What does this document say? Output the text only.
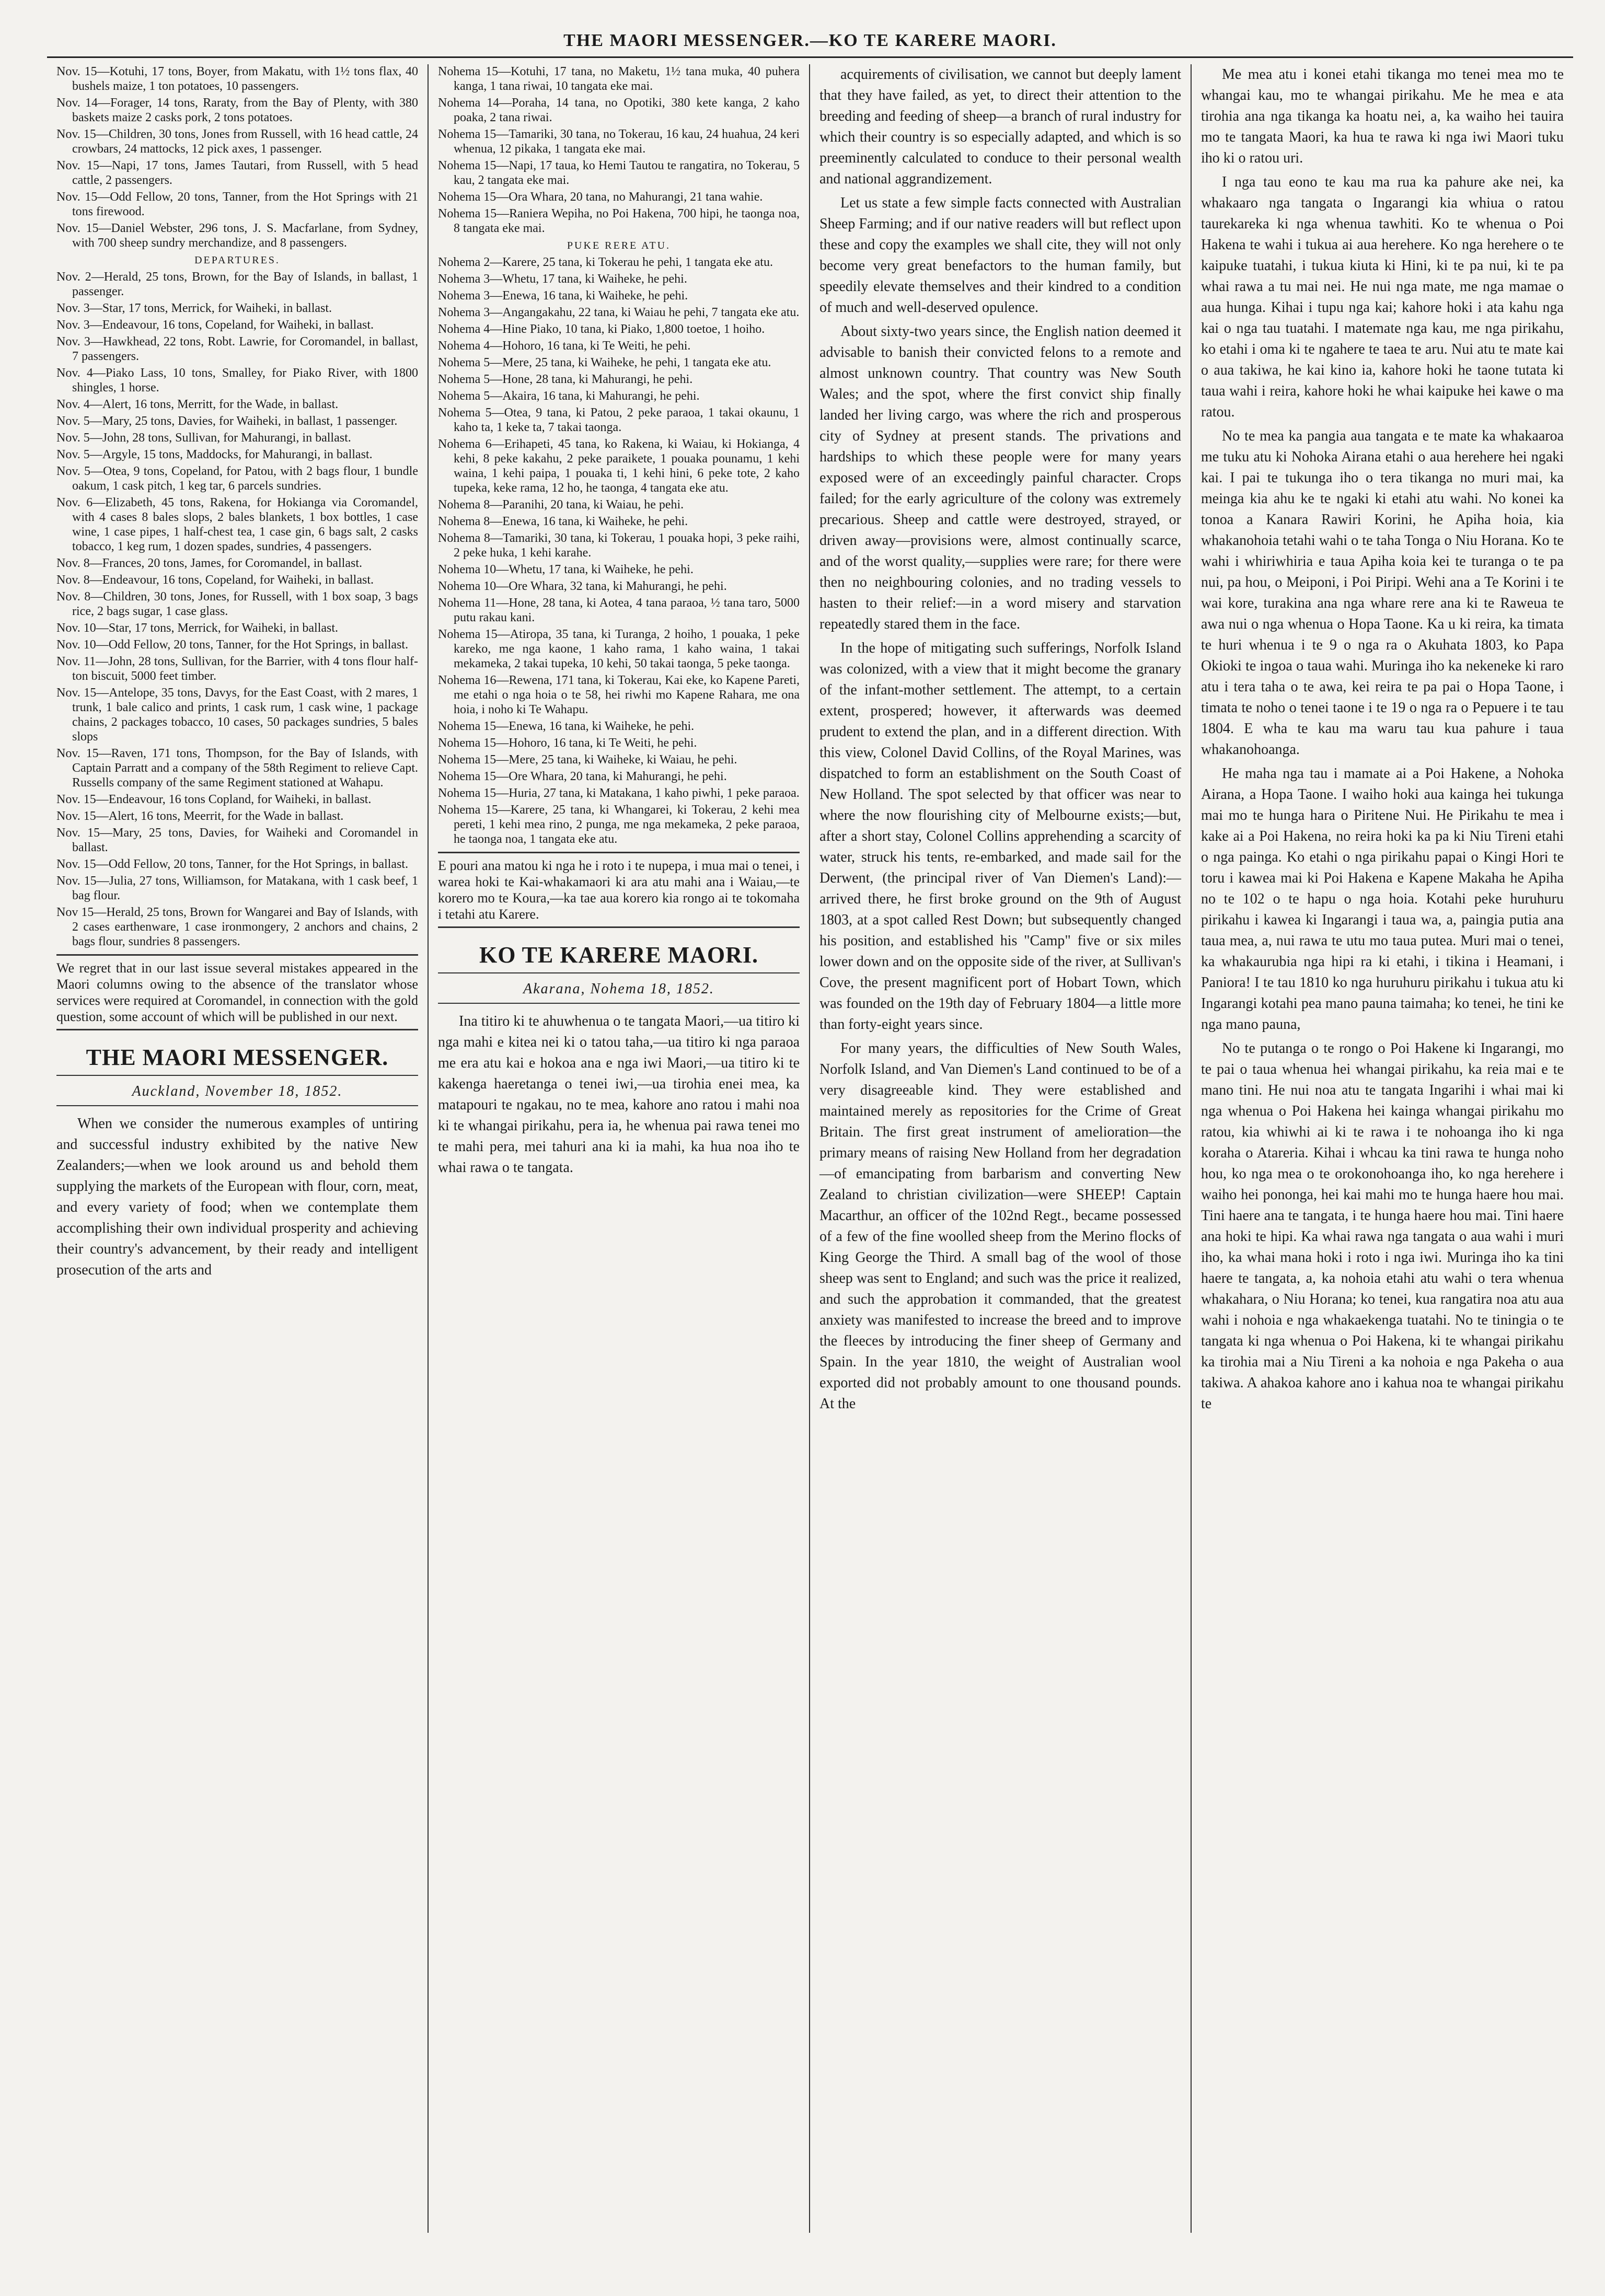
THE MAORI MESSENGER.—KO TE KARERE MAORI.

Nov. 15—Kotuhi, 17 tons, Boyer, from Makatu, with 1½ tons flax, 40 bushels maize, 1 ton potatoes, 10 passengers.

Nov. 14—Forager, 14 tons, Raraty, from the Bay of Plenty, with 380 baskets maize 2 casks pork, 2 tons potatoes.

Nov. 15—Children, 30 tons, Jones from Russell, with 16 head cattle, 24 crowbars, 24 mattocks, 12 pick axes, 1 passenger.

Nov. 15—Napi, 17 tons, James Tautari, from Russell, with 5 head cattle, 2 passengers.

Nov. 15—Odd Fellow, 20 tons, Tanner, from the Hot Springs with 21 tons firewood.

Nov. 15—Daniel Webster, 296 tons, J. S. Macfarlane, from Sydney, with 700 sheep sundry merchandize, and 8 passengers.

DEPARTURES.

Nov. 2—Herald, 25 tons, Brown, for the Bay of Islands, in ballast, 1 passenger.

Nov. 3—Star, 17 tons, Merrick, for Waiheki, in ballast.

Nov. 3—Endeavour, 16 tons, Copeland, for Waiheki, in ballast.

Nov. 3—Hawkhead, 22 tons, Robt. Lawrie, for Coromandel, in ballast, 7 passengers.

Nov. 4—Piako Lass, 10 tons, Smalley, for Piako River, with 1800 shingles, 1 horse.

Nov. 4—Alert, 16 tons, Merritt, for the Wade, in ballast.

Nov. 5—Mary, 25 tons, Davies, for Waiheki, in ballast, 1 passenger.

Nov. 5—John, 28 tons, Sullivan, for Mahurangi, in ballast.

Nov. 5—Argyle, 15 tons, Maddocks, for Mahurangi, in ballast.

Nov. 5—Otea, 9 tons, Copeland, for Patou, with 2 bags flour, 1 bundle oakum, 1 cask pitch, 1 keg tar, 6 parcels sundries.

Nov. 6—Elizabeth, 45 tons, Rakena, for Hokianga via Coromandel, with 4 cases 8 bales slops, 2 bales blankets, 1 box bottles, 1 case wine, 1 case pipes, 1 half-chest tea, 1 case gin, 6 bags salt, 2 casks tobacco, 1 keg rum, 1 dozen spades, sundries, 4 passengers.

Nov. 8—Frances, 20 tons, James, for Coromandel, in ballast.

Nov. 8—Endeavour, 16 tons, Copeland, for Waiheki, in ballast.

Nov. 8—Children, 30 tons, Jones, for Russell, with 1 box soap, 3 bags rice, 2 bags sugar, 1 case glass.

Nov. 10—Star, 17 tons, Merrick, for Waiheki, in ballast.

Nov. 10—Odd Fellow, 20 tons, Tanner, for the Hot Springs, in ballast.

Nov. 11—John, 28 tons, Sullivan, for the Barrier, with 4 tons flour half-ton biscuit, 5000 feet timber.

Nov. 15—Antelope, 35 tons, Davys, for the East Coast, with 2 mares, 1 trunk, 1 bale calico and prints, 1 cask rum, 1 cask wine, 1 package chains, 2 packages tobacco, 10 cases, 50 packages sundries, 5 bales slops

Nov. 15—Raven, 171 tons, Thompson, for the Bay of Islands, with Captain Parratt and a company of the 58th Regiment to relieve Capt. Russells company of the same Regiment stationed at Wahapu.

Nov. 15—Endeavour, 16 tons Copland, for Waiheki, in ballast.

Nov. 15—Alert, 16 tons, Meerrit, for the Wade in ballast.

Nov. 15—Mary, 25 tons, Davies, for Waiheki and Coromandel in ballast.

Nov. 15—Odd Fellow, 20 tons, Tanner, for the Hot Springs, in ballast.

Nov. 15—Julia, 27 tons, Williamson, for Matakana, with 1 cask beef, 1 bag flour.

Nov 15—Herald, 25 tons, Brown for Wangarei and Bay of Islands, with 2 cases earthenware, 1 case ironmongery, 2 anchors and chains, 2 bags flour, sundries 8 passengers.

We regret that in our last issue several mistakes appeared in the Maori columns owing to the absence of the translator whose services were required at Coromandel, in connection with the gold question, some account of which will be published in our next.
THE MAORI MESSENGER.
Auckland, November 18, 1852.

When we consider the numerous examples of untiring and successful industry exhibited by the native New Zealanders;—when we look around us and behold them supplying the markets of the European with flour, corn, meat, and every variety of food; when we contemplate them accomplishing their own individual prosperity and achieving their country's advancement, by their ready and intelligent prosecution of the arts and

Nohema 15—Kotuhi, 17 tana, no Maketu, 1½ tana muka, 40 puhera kanga, 1 tana riwai, 10 tangata eke mai.

Nohema 14—Poraha, 14 tana, no Opotiki, 380 kete kanga, 2 kaho poaka, 2 tana riwai.

Nohema 15—Tamariki, 30 tana, no Tokerau, 16 kau, 24 huahua, 24 keri whenua, 12 pikaka, 1 tangata eke mai.

Nohema 15—Napi, 17 taua, ko Hemi Tautou te rangatira, no Tokerau, 5 kau, 2 tangata eke mai.

Nohema 15—Ora Whara, 20 tana, no Mahurangi, 21 tana wahie.

Nohema 15—Raniera Wepiha, no Poi Hakena, 700 hipi, he taonga noa, 8 tangata eke mai.

PUKE RERE ATU.

Nohema 2—Karere, 25 tana, ki Tokerau he pehi, 1 tangata eke atu.

Nohema 3—Whetu, 17 tana, ki Waiheke, he pehi.

Nohema 3—Enewa, 16 tana, ki Waiheke, he pehi.

Nohema 3—Angangakahu, 22 tana, ki Waiau he pehi, 7 tangata eke atu.

Nohema 4—Hine Piako, 10 tana, ki Piako, 1,800 toetoe, 1 hoiho.

Nohema 4—Hohoro, 16 tana, ki Te Weiti, he pehi.

Nohema 5—Mere, 25 tana, ki Waiheke, he pehi, 1 tangata eke atu.

Nohema 5—Hone, 28 tana, ki Mahurangi, he pehi.

Nohema 5—Akaira, 16 tana, ki Mahurangi, he pehi.

Nohema 5—Otea, 9 tana, ki Patou, 2 peke paraoa, 1 takai okaunu, 1 kaho ta, 1 keke ta, 7 takai taonga.

Nohema 6—Erihapeti, 45 tana, ko Rakena, ki Waiau, ki Hokianga, 4 kehi, 8 peke kakahu, 2 peke paraikete, 1 pouaka pounamu, 1 kehi waina, 1 kehi paipa, 1 pouaka ti, 1 kehi hini, 6 peke tote, 2 kaho tupeka, keke rama, 12 ho, he taonga, 4 tangata eke atu.

Nohema 8—Paranihi, 20 tana, ki Waiau, he pehi.

Nohema 8—Enewa, 16 tana, ki Waiheke, he pehi.

Nohema 8—Tamariki, 30 tana, ki Tokerau, 1 pouaka hopi, 3 peke raihi, 2 peke huka, 1 kehi karahe.

Nohema 10—Whetu, 17 tana, ki Waiheke, he pehi.

Nohema 10—Ore Whara, 32 tana, ki Mahurangi, he pehi.

Nohema 11—Hone, 28 tana, ki Aotea, 4 tana paraoa, ½ tana taro, 5000 putu rakau kani.

Nohema 15—Atiropa, 35 tana, ki Turanga, 2 hoiho, 1 pouaka, 1 peke kareko, me nga kaone, 1 kaho rama, 1 kaho waina, 1 takai mekameka, 2 takai tupeka, 10 kehi, 50 takai taonga, 5 peke taonga.

Nohema 16—Rewena, 171 tana, ki Tokerau, Kai eke, ko Kapene Pareti, me etahi o nga hoia o te 58, hei riwhi mo Kapene Rahara, me ona hoia, i noho ki Te Wahapu.

Nohema 15—Enewa, 16 tana, ki Waiheke, he pehi.

Nohema 15—Hohoro, 16 tana, ki Te Weiti, he pehi.

Nohema 15—Mere, 25 tana, ki Waiheke, ki Waiau, he pehi.

Nohema 15—Ore Whara, 20 tana, ki Mahurangi, he pehi.

Nohema 15—Huria, 27 tana, ki Matakana, 1 kaho piwhi, 1 peke paraoa.

Nohema 15—Karere, 25 tana, ki Whangarei, ki Tokerau, 2 kehi mea pereti, 1 kehi mea rino, 2 punga, me nga mekameka, 2 peke paraoa, he taonga noa, 1 tangata eke atu.

E pouri ana matou ki nga he i roto i te nupepa, i mua mai o tenei, i warea hoki te Kai-whakamaori ki ara atu mahi ana i Waiau,—te korero mo te Koura,—ka tae aua korero kia rongo ai te tokomaha i tetahi atu Karere.
KO TE KARERE MAORI.
Akarana, Nohema 18, 1852.

Ina titiro ki te ahuwhenua o te tangata Maori,—ua titiro ki nga mahi e kitea nei ki o tatou taha,—ua titiro ki nga paraoa me era atu kai e hokoa ana e nga iwi Maori,—ua titiro ki te kakenga haeretanga o tenei iwi,—ua tirohia enei mea, ka matapouri te ngakau, no te mea, kahore ano ratou i mahi noa ki te whangai pirikahu, pera ia, he whenua pai rawa tenei mo te mahi pera, mei tahuri ana ki ia mahi, ka hua noa iho te whai rawa o te tangata.

acquirements of civilisation, we cannot but deeply lament that they have failed, as yet, to direct their attention to the breeding and feeding of sheep—a branch of rural industry for which their country is so especially adapted, and which is so preeminently calculated to conduce to their personal wealth and national aggrandizement.

Let us state a few simple facts connected with Australian Sheep Farming; and if our native readers will but reflect upon these and copy the examples we shall cite, they will not only become very great benefactors to the human family, but speedily elevate themselves and their kindred to a condition of much and well-deserved opulence.

About sixty-two years since, the English nation deemed it advisable to banish their convicted felons to a remote and almost unknown country. That country was New South Wales; and the spot, where the first convict ship finally landed her living cargo, was where the rich and prosperous city of Sydney at present stands. The privations and hardships to which these people were for many years exposed were of an exceedingly painful character. Crops failed; for the early agriculture of the colony was extremely precarious. Sheep and cattle were destroyed, strayed, or driven away—provisions were, almost continually scarce, and of the worst quality,—supplies were rare; for there were then no neighbouring colonies, and no trading vessels to hasten to their relief:—in a word misery and starvation repeatedly stared them in the face.

In the hope of mitigating such sufferings, Norfolk Island was colonized, with a view that it might become the granary of the infant-mother settlement. The attempt, to a certain extent, prospered; however, it afterwards was deemed prudent to extend the plan, and in a different direction. With this view, Colonel David Collins, of the Royal Marines, was dispatched to form an establishment on the South Coast of New Holland. The spot selected by that officer was near to where the now flourishing city of Melbourne exists;—but, after a short stay, Colonel Collins apprehending a scarcity of water, struck his tents, re-embarked, and made sail for the Derwent, (the principal river of Van Diemen's Land):—arrived there, he first broke ground on the 9th of August 1803, at a spot called Rest Down; but subsequently changed his position, and established his "Camp" five or six miles lower down and on the opposite side of the river, at Sullivan's Cove, the present magnificent port of Hobart Town, which was founded on the 19th day of February 1804—a little more than forty-eight years since.

For many years, the difficulties of New South Wales, Norfolk Island, and Van Diemen's Land continued to be of a very disagreeable kind. They were established and maintained merely as repositories for the Crime of Great Britain. The first great instrument of amelioration—the primary means of raising New Holland from her degradation—of emancipating from barbarism and converting New Zealand to christian civilization—were SHEEP! Captain Macarthur, an officer of the 102nd Regt., became possessed of a few of the fine woolled sheep from the Merino flocks of King George the Third. A small bag of the wool of those sheep was sent to England; and such was the price it realized, and such the approbation it commanded, that the greatest anxiety was manifested to increase the breed and to improve the fleeces by introducing the finer sheep of Germany and Spain. In the year 1810, the weight of Australian wool exported did not probably amount to one thousand pounds. At the

Me mea atu i konei etahi tikanga mo tenei mea mo te whangai kau, mo te whangai pirikahu. Me he mea e ata tirohia ana nga tikanga ka hoatu nei, a, ka waiho hei tauira mo te tangata Maori, ka hua te rawa ki nga iwi Maori tuku iho ki o ratou uri.

I nga tau eono te kau ma rua ka pahure ake nei, ka whakaaro nga tangata o Ingarangi kia whiua o ratou taurekareka ki nga whenua tawhiti. Ko te whenua o Poi Hakena te wahi i tukua ai aua herehere. Ko nga herehere o te kaipuke tuatahi, i tukua kiuta ki Hini, ki te pa nui, ki te pa whai rawa a tu mai nei. He nui nga mate, me nga mamae o aua hunga. Kihai i tupu nga kai; kahore hoki i ata kahu nga kai o nga tau tuatahi. I matemate nga kau, me nga pirikahu, ko etahi i oma ki te ngahere te taea te aru. Nui atu te mate kai o aua takiwa, he kai kino ia, kahore hoki he taone tutata ki taua wahi i reira, kahore hoki he whai kaipuke hei kawe o ma ratou.

No te mea ka pangia aua tangata e te mate ka whakaaroa me tuku atu ki Nohoka Airana etahi o aua herehere hei ngaki kai. I pai te tukunga iho o tera tikanga no muri mai, ka meinga kia ahu ke te ngaki ki etahi atu wahi. No konei ka tonoa a Kanara Rawiri Korini, he Apiha hoia, kia whakanohoia tetahi wahi o te taha Tonga o Niu Horana. Ko te wahi i whiriwhiria e taua Apiha koia kei te turanga o te pa nui, pa hou, o Meiponi, i Poi Piripi. Wehi ana a Te Korini i te wai kore, turakina ana nga whare rere ana ki te Raweua te awa nui o nga whenua o Hopa Taone. Ka u ki reira, ka timata te huri whenua i te 9 o nga ra o Akuhata 1803, ko Papa Okioki te ingoa o taua wahi. Muringa iho ka nekeneke ki raro atu i tera taha o te awa, kei reira te pa pai o Hopa Taone, i timata te noho o tenei taone i te 19 o nga ra o Pepuere i te tau 1804. E wha te kau ma waru tau kua pahure i taua whakanohoanga.

He maha nga tau i mamate ai a Poi Hakene, a Nohoka Airana, a Hopa Taone. I waiho hoki aua kainga hei tukunga mai mo te hunga hara o Piritene Nui. He Pirikahu te mea i kake ai a Poi Hakena, no reira hoki ka pa ki Niu Tireni etahi o nga painga. Ko etahi o nga pirikahu papai o Kingi Hori te toru i kawea mai ki Poi Hakena e Kapene Makaha he Apiha no te 102 o te hapu o nga hoia. Kotahi peke huruhuru pirikahu i kawea ki Ingarangi i taua wa, a, paingia putia ana taua mea, a, nui rawa te utu mo taua putea. Muri mai o tenei, ka whakaurubia nga hipi ra ki etahi, i tikina i Heamani, i Paniora! I te tau 1810 ko nga huruhuru pirikahu i tukua atu ki Ingarangi kotahi pea mano pauna taimaha; ko tenei, he tini ke nga mano pauna,

No te putanga o te rongo o Poi Hakene ki Ingarangi, mo te pai o taua whenua hei whangai pirikahu, ka reia mai e te mano tini. He nui noa atu te tangata Ingarihi i whai mai ki nga whenua o Poi Hakena hei kainga whangai pirikahu mo ratou, kia whiwhi ai ki te rawa i te nohoanga iho ki nga koraha o Atareria. Kihai i whcau ka tini rawa te hunga noho hou, ko nga mea o te orokonohoanga iho, ko nga herehere i waiho hei pononga, hei kai mahi mo te hunga haere hou mai. Tini haere ana te tangata, i te hunga haere hou mai. Tini haere ana hoki te hipi. Ka whai rawa nga tangata o aua wahi i muri iho, ka whai mana hoki i roto i nga iwi. Muringa iho ka tini haere te tangata, a, ka nohoia etahi atu wahi o tera whenua whakahara, o Niu Horana; ko tenei, kua rangatira noa atu aua wahi i nohoia e nga whakaekenga tuatahi. No te tiningia o te tangata ki nga whenua o Poi Hakena, ki te whangai pirikahu ka tirohia mai a Niu Tireni a ka nohoia e nga Pakeha o aua takiwa. A ahakoa kahore ano i kahua noa te whangai pirikahu te
